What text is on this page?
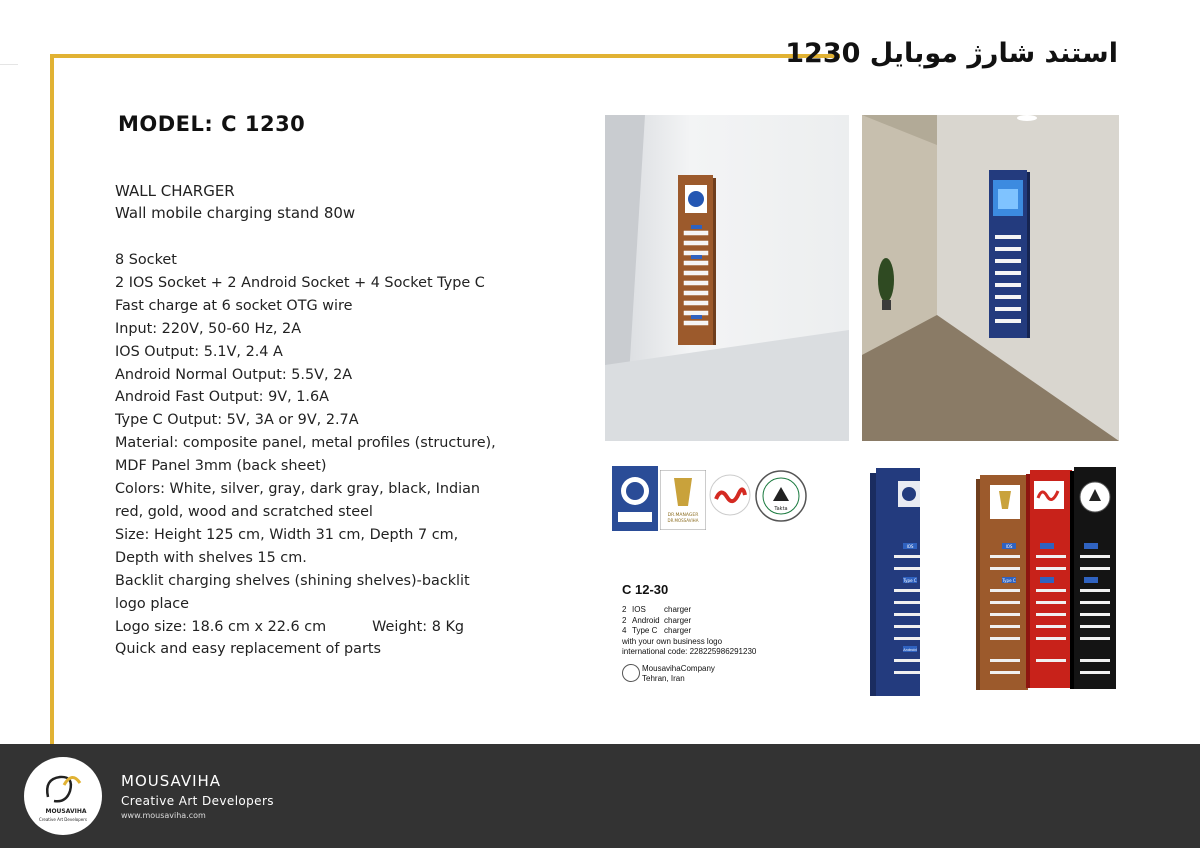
استند شارژ موبایل 1230
MODEL: C 1230
WALL CHARGER
Wall mobile charging stand 80w
8 Socket
2 IOS Socket + 2 Android Socket + 4 Socket Type C
Fast charge at 6 socket OTG wire
Input: 220V, 50-60 Hz, 2A
IOS Output: 5.1V, 2.4 A
Android Normal Output: 5.5V, 2A
Android Fast Output: 9V, 1.6A
Type C Output: 5V, 3A or 9V, 2.7A
Material: composite panel, metal profiles (structure),
MDF Panel 3mm (back sheet)
Colors: White, silver, gray, dark gray, black, Indian
red, gold, wood and scratched steel
Size: Height 125 cm, Width 31 cm, Depth 7 cm,
Depth with shelves 15 cm.
Backlit charging shelves (shining shelves)-backlit
logo place
Logo size: 18.6 cm x 22.6 cm	Weight: 8 Kg
Quick and easy replacement of parts
DR.MANAGER
DR.MOSSAVIHA
Takta
C 12-30
2 IOS charger
2 Android charger
4 Type C charger
with your own business logo
international code: 228225986291230
MousavihaCompany
Tehran, Iran
IOS
Type C
Android
IOS
Type C
MOUSAVIHA
Creative Art Developers
MOUSAVIHA
Creative Art Developers
www.mousaviha.com
